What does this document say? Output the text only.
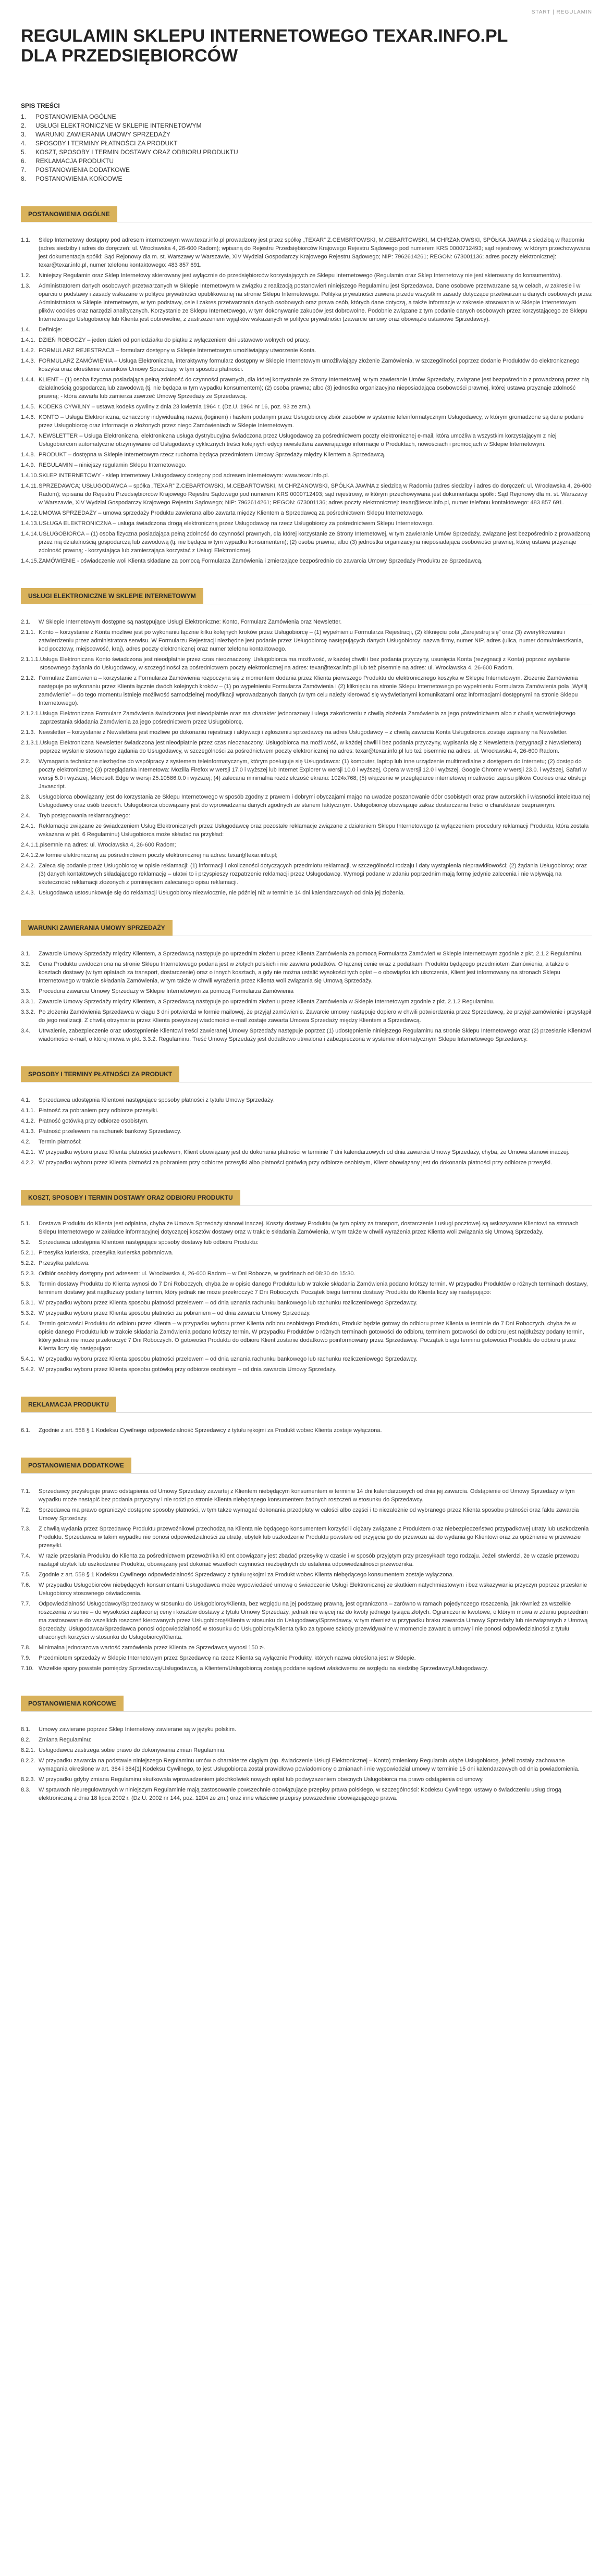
START | REGULAMIN
REGULAMIN SKLEPU INTERNETOWEGO TEXAR.INFO.PL
DLA PRZEDSIĘBIORCÓW
SPIS TREŚCI
1. POSTANOWIENIA OGÓLNE
2. USŁUGI ELEKTRONICZNE W SKLEPIE INTERNETOWYM
3. WARUNKI ZAWIERANIA UMOWY SPRZEDAŻY
4. SPOSOBY I TERMINY PŁATNOŚCI ZA PRODUKT
5. KOSZT, SPOSOBY I TERMIN DOSTAWY ORAZ ODBIORU PRODUKTU
6. REKLAMACJA PRODUKTU
7. POSTANOWIENIA DODATKOWE
8. POSTANOWIENIA KOŃCOWE
POSTANOWIENIA OGÓLNE
1.1.	Sklep Internetowy dostępny pod adresem internetowym www.texar.info.pl prowadzony jest przez spółkę „TEXAR” Z.CEMBRTOWSKI, M.CEBARTOWSKI, M.CHRZANOWSKI, SPÓŁKA JAWNA z siedzibą w Radomiu (adres siedziby i adres do doręczeń: ul. Wrocławska 4, 26-600 Radom); wpisaną do Rejestru Przedsiębiorców Krajowego Rejestru Sądowego pod numerem KRS 0000712493; sąd rejestrowy, w którym przechowywana jest dokumentacja spółki: Sąd Rejonowy dla m. st. Warszawy w Warszawie, XIV Wydział Gospodarczy Krajowego Rejestru Sądowego; NIP: 7962614261; REGON: 673001136; adres poczty elektronicznej: texar@texar.info.pl, numer telefonu kontaktowego: 483 857 691.
1.2.	Niniejszy Regulamin oraz Sklep Internetowy skierowany jest wyłącznie do przedsiębiorców korzystających ze Sklepu Internetowego (Regulamin oraz Sklep Internetowy nie jest skierowany do konsumentów).
1.3.	Administratorem danych osobowych przetwarzanych w Sklepie Internetowym w związku z realizacją postanowień niniejszego Regulaminu jest Sprzedawca. Dane osobowe przetwarzane są w celach, w zakresie i w oparciu o podstawy i zasady wskazane w polityce prywatności opublikowanej na stronie Sklepu Internetowego. Polityka prywatności zawiera przede wszystkim zasady dotyczące przetwarzania danych osobowych przez Administratora w Sklepie Internetowym, w tym podstawy, cele i zakres przetwarzania danych osobowych oraz prawa osób, których dane dotyczą, a także informacje w zakresie stosowania w Sklepie Internetowym plików cookies oraz narzędzi analitycznych. Korzystanie ze Sklepu Internetowego, w tym dokonywanie zakupów jest dobrowolne. Podobnie związane z tym podanie danych osobowych przez korzystającego ze Sklepu Internetowego Usługobiorcę lub Klienta jest dobrowolne, z zastrzeżeniem wyjątków wskazanych w polityce prywatności (zawarcie umowy oraz obowiązki ustawowe Sprzedawcy).
1.4.	Definicje:
1.4.1. DZIEŃ ROBOCZY – jeden dzień od poniedziałku do piątku z wyłączeniem dni ustawowo wolnych od pracy.
1.4.2. FORMULARZ REJESTRACJI – formularz dostępny w Sklepie Internetowym umożliwiający utworzenie Konta.
1.4.3. FORMULARZ ZAMÓWIENIA – Usługa Elektroniczna, interaktywny formularz dostępny w Sklepie Internetowym umożliwiający złożenie Zamówienia, w szczególności poprzez dodanie Produktów do elektronicznego koszyka oraz określenie warunków Umowy Sprzedaży, w tym sposobu płatności.
1.4.4. KLIENT – (1) osoba fizyczna posiadająca pełną zdolność do czynności prawnych, dla której korzystanie ze Strony Internetowej, w tym zawieranie Umów Sprzedaży, związane jest bezpośrednio z prowadzoną przez nią działalnością gospodarczą lub zawodową (tj. nie będąca w tym wypadku konsumentem); (2) osoba prawna; albo (3) jednostka organizacyjna nieposiadająca osobowości prawnej, której ustawa przyznaje zdolność prawną; - która zawarła lub zamierza zawrzeć Umowę Sprzedaży ze Sprzedawcą.
1.4.5. KODEKS CYWILNY – ustawa kodeks cywilny z dnia 23 kwietnia 1964 r. (Dz.U. 1964 nr 16, poz. 93 ze zm.).
1.4.6. KONTO – Usługa Elektroniczna, oznaczony indywidualną nazwą (loginem) i hasłem podanym przez Usługobiorcę zbiór zasobów w systemie teleinformatycznym Usługodawcy, w którym gromadzone są dane podane przez Usługobiorcę oraz informacje o złożonych przez niego Zamówieniach w Sklepie Internetowym.
1.4.7. NEWSLETTER – Usługa Elektroniczna, elektroniczna usługa dystrybucyjna świadczona przez Usługodawcę za pośrednictwem poczty elektronicznej e-mail, która umożliwia wszystkim korzystającym z niej Usługobiorcom automatyczne otrzymywanie od Usługodawcy cyklicznych treści kolejnych edycji newslettera zawierającego informacje o Produktach, nowościach i promocjach w Sklepie Internetowym.
1.4.8. PRODUKT – dostępna w Sklepie Internetowym rzecz ruchoma będąca przedmiotem Umowy Sprzedaży między Klientem a Sprzedawcą.
1.4.9. REGULAMIN – niniejszy regulamin Sklepu Internetowego.
1.4.10. SKLEP INTERNETOWY - sklep internetowy Usługodawcy dostępny pod adresem internetowym: www.texar.info.pl.
1.4.11. SPRZEDAWCA; USŁUGODAWCA – spółka „TEXAR” Z.CEBARTOWSKI, M.CEBARTOWSKI, M.CHRZANOWSKI, SPÓŁKA JAWNA z siedzibą w Radomiu (adres siedziby i adres do doręczeń: ul. Wrocławska 4, 26-600 Radom); wpisana do Rejestru Przedsiębiorców Krajowego Rejestru Sądowego pod numerem KRS 0000712493; sąd rejestrowy, w którym przechowywana jest dokumentacja spółki: Sąd Rejonowy dla m. st. Warszawy w Warszawie, XIV Wydział Gospodarczy Krajowego Rejestru Sądowego; NIP: 7962614261; REGON: 673001136; adres poczty elektronicznej: texar@texar.info.pl, numer telefonu kontaktowego: 483 857 691.
1.4.12. UMOWA SPRZEDAŻY – umowa sprzedaży Produktu zawierana albo zawarta między Klientem a Sprzedawcą za pośrednictwem Sklepu Internetowego.
1.4.13. USŁUGA ELEKTRONICZNA – usługa świadczona drogą elektroniczną przez Usługodawcę na rzecz Usługobiorcy za pośrednictwem Sklepu Internetowego.
1.4.14. USŁUGOBIORCA – (1) osoba fizyczna posiadająca pełną zdolność do czynności prawnych, dla której korzystanie ze Strony Internetowej, w tym zawieranie Umów Sprzedaży, związane jest bezpośrednio z prowadzoną przez nią działalnością gospodarczą lub zawodową (tj. nie będąca w tym wypadku konsumentem); (2) osoba prawna; albo (3) jednostka organizacyjna nieposiadająca osobowości prawnej, której ustawa przyznaje zdolność prawną; - korzystająca lub zamierzająca korzystać z Usługi Elektronicznej.
1.4.15. ZAMÓWIENIE - oświadczenie woli Klienta składane za pomocą Formularza Zamówienia i zmierzające bezpośrednio do zawarcia Umowy Sprzedaży Produktu ze Sprzedawcą.
USŁUGI ELEKTRONICZNE W SKLEPIE INTERNETOWYM
2.1.	W Sklepie Internetowym dostępne są następujące Usługi Elektroniczne: Konto, Formularz Zamówienia oraz Newsletter.
2.1.1. Konto – korzystanie z Konta możliwe jest po wykonaniu łącznie kilku kolejnych kroków przez Usługobiorcę – (1) wypełnieniu Formularza Rejestracji, (2) kliknięciu pola „Zarejestruj się” oraz (3) zweryfikowaniu i zatwierdzeniu przez administratora serwisu. W Formularzu Rejestracji niezbędne jest podanie przez Usługobiorcę następujących danych Usługobiorcy: nazwa firmy, numer NIP, adres (ulica, numer domu/mieszkania, kod pocztowy, miejscowość, kraj), adres poczty elektronicznej oraz numer telefonu kontaktowego.
2.1.1.1. Usługa Elektroniczna Konto świadczona jest nieodpłatnie przez czas nieoznaczony. Usługobiorca ma możliwość, w każdej chwili i bez podania przyczyny, usunięcia Konta (rezygnacji z Konta) poprzez wysłanie stosownego żądania do Usługodawcy, w szczególności za pośrednictwem poczty elektronicznej na adres: texar@texar.info.pl lub też pisemnie na adres: ul. Wrocławska 4, 26-600 Radom.
2.1.2. Formularz Zamówienia – korzystanie z Formularza Zamówienia rozpoczyna się z momentem dodania przez Klienta pierwszego Produktu do elektronicznego koszyka w Sklepie Internetowym. Złożenie Zamówienia następuje po wykonaniu przez Klienta łącznie dwóch kolejnych kroków – (1) po wypełnieniu Formularza Zamówienia i (2) kliknięciu na stronie Sklepu Internetowego po wypełnieniu Formularza Zamówienia pola „Wyślij zamówienie” – do tego momentu istnieje możliwość samodzielnej modyfikacji wprowadzanych danych (w tym celu należy kierować się wyświetlanymi komunikatami oraz informacjami dostępnymi na stronie Sklepu Internetowego).
2.1.2.1. Usługa Elektroniczna Formularz Zamówienia świadczona jest nieodpłatnie oraz ma charakter jednorazowy i ulega zakończeniu z chwilą złożenia Zamówienia za jego pośrednictwem albo z chwilą wcześniejszego zaprzestania składania Zamówienia za jego pośrednictwem przez Usługobiorcę.
2.1.3. Newsletter – korzystanie z Newslettera jest możliwe po dokonaniu rejestracji i aktywacji i zgłoszeniu sprzedawcy na adres Usługodawcy – z chwilą zawarcia Konta Usługobiorca zostaje zapisany na Newsletter.
2.1.3.1. Usługa Elektroniczna Newsletter świadczona jest nieodpłatnie przez czas nieoznaczony. Usługobiorca ma możliwość, w każdej chwili i bez podania przyczyny, wypisania się z Newslettera (rezygnacji z Newslettera) poprzez wysłanie stosownego żądania do Usługodawcy, w szczególności za pośrednictwem poczty elektronicznej na adres: texar@texar.info.pl lub też pisemnie na adres: ul. Wrocławska 4, 26-600 Radom.
2.2.	Wymagania techniczne niezbędne do współpracy z systemem teleinformatycznym, którym posługuje się Usługodawca: (1) komputer, laptop lub inne urządzenie multimedialne z dostępem do Internetu; (2) dostęp do poczty elektronicznej; (3) przeglądarka internetowa: Mozilla Firefox w wersji 17.0 i wyższej lub Internet Explorer w wersji 10.0 i wyższej, Opera w wersji 12.0 i wyższej, Google Chrome w wersji 23.0. i wyższej, Safari w wersji 5.0 i wyższej, Microsoft Edge w wersji 25.10586.0.0 i wyższej; (4) zalecana minimalna rozdzielczość ekranu: 1024x768; (5) włączenie w przeglądarce internetowej możliwości zapisu plików Cookies oraz obsługi Javascript.
2.3.	Usługobiorca obowiązany jest do korzystania ze Sklepu Internetowego w sposób zgodny z prawem i dobrymi obyczajami mając na uwadze poszanowanie dóbr osobistych oraz praw autorskich i własności intelektualnej Usługodawcy oraz osób trzecich. Usługobiorca obowiązany jest do wprowadzania danych zgodnych ze stanem faktycznym. Usługobiorcę obowiązuje zakaz dostarczania treści o charakterze bezprawnym.
2.4.	Tryb postępowania reklamacyjnego:
2.4.1. Reklamacje związane ze świadczeniem Usług Elektronicznych przez Usługodawcę oraz pozostałe reklamacje związane z działaniem Sklepu Internetowego (z wyłączeniem procedury reklamacji Produktu, która została wskazana w pkt. 6 Regulaminu) Usługobiorca może składać na przykład:
2.4.1.1. pisemnie na adres: ul. Wrocławska 4, 26-600 Radom;
2.4.1.2. w formie elektronicznej za pośrednictwem poczty elektronicznej na adres: texar@texar.info.pl;
2.4.2. Zaleca się podanie przez Usługobiorcę w opisie reklamacji: (1) informacji i okoliczności dotyczących przedmiotu reklamacji, w szczególności rodzaju i daty wystąpienia nieprawidłowości; (2) żądania Usługobiorcy; oraz (3) danych kontaktowych składającego reklamację – ułatwi to i przyspieszy rozpatrzenie reklamacji przez Usługodawcę. Wymogi podane w zdaniu poprzednim mają formę jedynie zalecenia i nie wpływają na skuteczność reklamacji złożonych z pominięciem zalecanego opisu reklamacji.
2.4.3. Usługodawca ustosunkowuje się do reklamacji Usługobiorcy niezwłocznie, nie później niż w terminie 14 dni kalendarzowych od dnia jej złożenia.
WARUNKI ZAWIERANIA UMOWY SPRZEDAŻY
3.1.	Zawarcie Umowy Sprzedaży między Klientem, a Sprzedawcą następuje po uprzednim złożeniu przez Klienta Zamówienia za pomocą Formularza Zamówień w Sklepie Internetowym zgodnie z pkt. 2.1.2 Regulaminu.
3.2.	Cena Produktu uwidoczniona na stronie Sklepu Internetowego podana jest w złotych polskich i nie zawiera podatków. O łącznej cenie wraz z podatkami Produktu będącego przedmiotem Zamówienia, a także o kosztach dostawy (w tym opłatach za transport, dostarczenie) oraz o innych kosztach, a gdy nie można ustalić wysokości tych opłat – o obowiązku ich uiszczenia, Klient jest informowany na stronach Sklepu Internetowego w trakcie składania Zamówienia, w tym także w chwili wyrażenia przez Klienta woli związania się Umową Sprzedaży.
3.3.	Procedura zawarcia Umowy Sprzedaży w Sklepie Internetowym za pomocą Formularza Zamówienia
3.3.1. Zawarcie Umowy Sprzedaży między Klientem, a Sprzedawcą następuje po uprzednim złożeniu przez Klienta Zamówienia w Sklepie Internetowym zgodnie z pkt. 2.1.2 Regulaminu.
3.3.2. Po złożeniu Zamówienia Sprzedawca w ciągu 3 dni potwierdzi w formie mailowej, że przyjął zamówienie. Zawarcie umowy następuje dopiero w chwili potwierdzenia przez Sprzedawcę, że przyjął zamówienie i przystąpił do jego realizacji. Z chwilą otrzymania przez Klienta powyższej wiadomości e-mail zostaje zawarta Umowa Sprzedaży między Klientem a Sprzedawcą.
3.4.	Utrwalenie, zabezpieczenie oraz udostępnienie Klientowi treści zawieranej Umowy Sprzedaży następuje poprzez (1) udostępnienie niniejszego Regulaminu na stronie Sklepu Internetowego oraz (2) przesłanie Klientowi wiadomości e-mail, o której mowa w pkt. 3.3.2. Regulaminu. Treść Umowy Sprzedaży jest dodatkowo utrwalona i zabezpieczona w systemie informatycznym Sklepu Internetowego Sprzedawcy.
SPOSOBY I TERMINY PŁATNOŚCI ZA PRODUKT
4.1.	Sprzedawca udostępnia Klientowi następujące sposoby płatności z tytułu Umowy Sprzedaży:
4.1.1. Płatność za pobraniem przy odbiorze przesyłki.
4.1.2. Płatność gotówką przy odbiorze osobistym.
4.1.3. Płatność przelewem na rachunek bankowy Sprzedawcy.
4.2.	Termin płatności:
4.2.1. W przypadku wyboru przez Klienta płatności przelewem, Klient obowiązany jest do dokonania płatności w terminie 7 dni kalendarzowych od dnia zawarcia Umowy Sprzedaży, chyba, że Umowa stanowi inaczej.
4.2.2. W przypadku wyboru przez Klienta płatności za pobraniem przy odbiorze przesyłki albo płatności gotówką przy odbiorze osobistym, Klient obowiązany jest do dokonania płatności przy odbiorze przesyłki.
KOSZT, SPOSOBY I TERMIN DOSTAWY ORAZ ODBIORU PRODUKTU
5.1.	Dostawa Produktu do Klienta jest odpłatna, chyba że Umowa Sprzedaży stanowi inaczej. Koszty dostawy Produktu (w tym opłaty za transport, dostarczenie i usługi pocztowe) są wskazywane Klientowi na stronach Sklepu Internetowego w zakładce informacyjnej dotyczącej kosztów dostawy oraz w trakcie składania Zamówienia, w tym także w chwili wyrażenia przez Klienta woli związania się Umową Sprzedaży.
5.2.	Sprzedawca udostępnia Klientowi następujące sposoby dostawy lub odbioru Produktu:
5.2.1. Przesyłka kurierska, przesyłka kurierska pobraniowa.
5.2.2. Przesyłka paletowa.
5.2.3. Odbiór osobisty dostępny pod adresem: ul. Wrocławska 4, 26-600 Radom – w Dni Robocze, w godzinach od 08:30 do 15:30.
5.3.	Termin dostawy Produktu do Klienta wynosi do 7 Dni Roboczych, chyba że w opisie danego Produktu lub w trakcie składania Zamówienia podano krótszy termin. W przypadku Produktów o różnych terminach dostawy, terminem dostawy jest najdłuższy podany termin, który jednak nie może przekroczyć 7 Dni Roboczych. Początek biegu terminu dostawy Produktu do Klienta liczy się następująco:
5.3.1. W przypadku wyboru przez Klienta sposobu płatności przelewem – od dnia uznania rachunku bankowego lub rachunku rozliczeniowego Sprzedawcy.
5.3.2. W przypadku wyboru przez Klienta sposobu płatności za pobraniem – od dnia zawarcia Umowy Sprzedaży.
5.4.	Termin gotowości Produktu do odbioru przez Klienta – w przypadku wyboru przez Klienta odbioru osobistego Produktu, Produkt będzie gotowy do odbioru przez Klienta w terminie do 7 Dni Roboczych, chyba że w opisie danego Produktu lub w trakcie składania Zamówienia podano krótszy termin. W przypadku Produktów o różnych terminach gotowości do odbioru, terminem gotowości do odbioru jest najdłuższy podany termin, który jednak nie może przekroczyć 7 Dni Roboczych. O gotowości Produktu do odbioru Klient zostanie dodatkowo poinformowany przez Sprzedawcę. Początek biegu terminu gotowości Produktu do odbioru przez Klienta liczy się następująco:
5.4.1. W przypadku wyboru przez Klienta sposobu płatności przelewem – od dnia uznania rachunku bankowego lub rachunku rozliczeniowego Sprzedawcy.
5.4.2. W przypadku wyboru przez Klienta sposobu gotówką przy odbiorze osobistym – od dnia zawarcia Umowy Sprzedaży.
REKLAMACJA PRODUKTU
6.1.	Zgodnie z art. 558 § 1 Kodeksu Cywilnego odpowiedzialność Sprzedawcy z tytułu rękojmi za Produkt wobec Klienta zostaje wyłączona.
POSTANOWIENIA DODATKOWE
7.1.	Sprzedawcy przysługuje prawo odstąpienia od Umowy Sprzedaży zawartej z Klientem niebędącym konsumentem w terminie 14 dni kalendarzowych od dnia jej zawarcia. Odstąpienie od Umowy Sprzedaży w tym wypadku może nastąpić bez podania przyczyny i nie rodzi po stronie Klienta niebędącego konsumentem żadnych roszczeń w stosunku do Sprzedawcy.
7.2.	Sprzedawca ma prawo ograniczyć dostępne sposoby płatności, w tym także wymagać dokonania przedpłaty w całości albo części i to niezależnie od wybranego przez Klienta sposobu płatności oraz faktu zawarcia Umowy Sprzedaży.
7.3.	Z chwilą wydania przez Sprzedawcę Produktu przewoźnikowi przechodzą na Klienta nie będącego konsumentem korzyści i ciężary związane z Produktem oraz niebezpieczeństwo przypadkowej utraty lub uszkodzenia Produktu. Sprzedawca w takim wypadku nie ponosi odpowiedzialności za utratę, ubytek lub uszkodzenie Produktu powstałe od przyjęcia go do przewozu aż do wydania go Klientowi oraz za opóźnienie w przewozie przesyłki.
7.4.	W razie przesłania Produktu do Klienta za pośrednictwem przewoźnika Klient obowiązany jest zbadać przesyłkę w czasie i w sposób przyjętym przy przesyłkach tego rodzaju. Jeżeli stwierdzi, że w czasie przewozu nastąpił ubytek lub uszkodzenie Produktu, obowiązany jest dokonać wszelkich czynności niezbędnych do ustalenia odpowiedzialności przewoźnika.
7.5.	Zgodnie z art. 558 § 1 Kodeksu Cywilnego odpowiedzialność Sprzedawcy z tytułu rękojmi za Produkt wobec Klienta niebędącego konsumentem zostaje wyłączona.
7.6.	W przypadku Usługobiorców niebędących konsumentami Usługodawca może wypowiedzieć umowę o świadczenie Usługi Elektronicznej ze skutkiem natychmiastowym i bez wskazywania przyczyn poprzez przesłanie Usługobiorcy stosownego oświadczenia.
7.7.	Odpowiedzialność Usługodawcy/Sprzedawcy w stosunku do Usługobiorcy/Klienta, bez względu na jej podstawę prawną, jest ograniczona – zarówno w ramach pojedynczego roszczenia, jak również za wszelkie roszczenia w sumie – do wysokości zapłaconej ceny i kosztów dostawy z tytułu Umowy Sprzedaży, jednak nie więcej niż do kwoty jednego tysiąca złotych. Ograniczenie kwotowe, o którym mowa w zdaniu poprzednim ma zastosowanie do wszelkich roszczeń kierowanych przez Usługobiorcę/Klienta w stosunku do Usługodawcy/Sprzedawcy, w tym również w przypadku braku zawarcia Umowy Sprzedaży lub niezwiązanych z Umową Sprzedaży. Usługodawca/Sprzedawca ponosi odpowiedzialność w stosunku do Usługobiorcy/Klienta tylko za typowe szkody przewidywalne w momencie zawarcia umowy i nie ponosi odpowiedzialności z tytułu utraconych korzyści w stosunku do Usługobiorcy/Klienta.
7.8.	Minimalna jednorazowa wartość zamówienia przez Klienta ze Sprzedawcą wynosi 150 zł.
7.9.	Przedmiotem sprzedaży w Sklepie Internetowym przez Sprzedawcę na rzecz Klienta są wyłącznie Produkty, których nazwa określona jest w Sklepie.
7.10. Wszelkie spory powstałe pomiędzy Sprzedawcą/Usługodawcą, a Klientem/Usługobiorcą zostają poddane sądowi właściwemu ze względu na siedzibę Sprzedawcy/Usługodawcy.
POSTANOWIENIA KOŃCOWE
8.1.	Umowy zawierane poprzez Sklep Internetowy zawierane są w języku polskim.
8.2.	Zmiana Regulaminu:
8.2.1. Usługodawca zastrzega sobie prawo do dokonywania zmian Regulaminu.
8.2.2. W przypadku zawarcia na podstawie niniejszego Regulaminu umów o charakterze ciągłym (np. świadczenie Usługi Elektronicznej – Konto) zmieniony Regulamin wiąże Usługobiorcę, jeżeli zostały zachowane wymagania określone w art. 384 i 384[1] Kodeksu Cywilnego, to jest Usługobiorca został prawidłowo powiadomiony o zmianach i nie wypowiedział umowy w terminie 15 dni kalendarzowych od dnia powiadomienia.
8.2.3. W przypadku gdyby zmiana Regulaminu skutkowała wprowadzeniem jakichkolwiek nowych opłat lub podwyższeniem obecnych Usługobiorca ma prawo odstąpienia od umowy.
8.3.	W sprawach nieuregulowanych w niniejszym Regulaminie mają zastosowanie powszechnie obowiązujące przepisy prawa polskiego, w szczególności: Kodeksu Cywilnego; ustawy o świadczeniu usług drogą elektroniczną z dnia 18 lipca 2002 r. (Dz.U. 2002 nr 144, poz. 1204 ze zm.) oraz inne właściwe przepisy powszechnie obowiązującego prawa.
